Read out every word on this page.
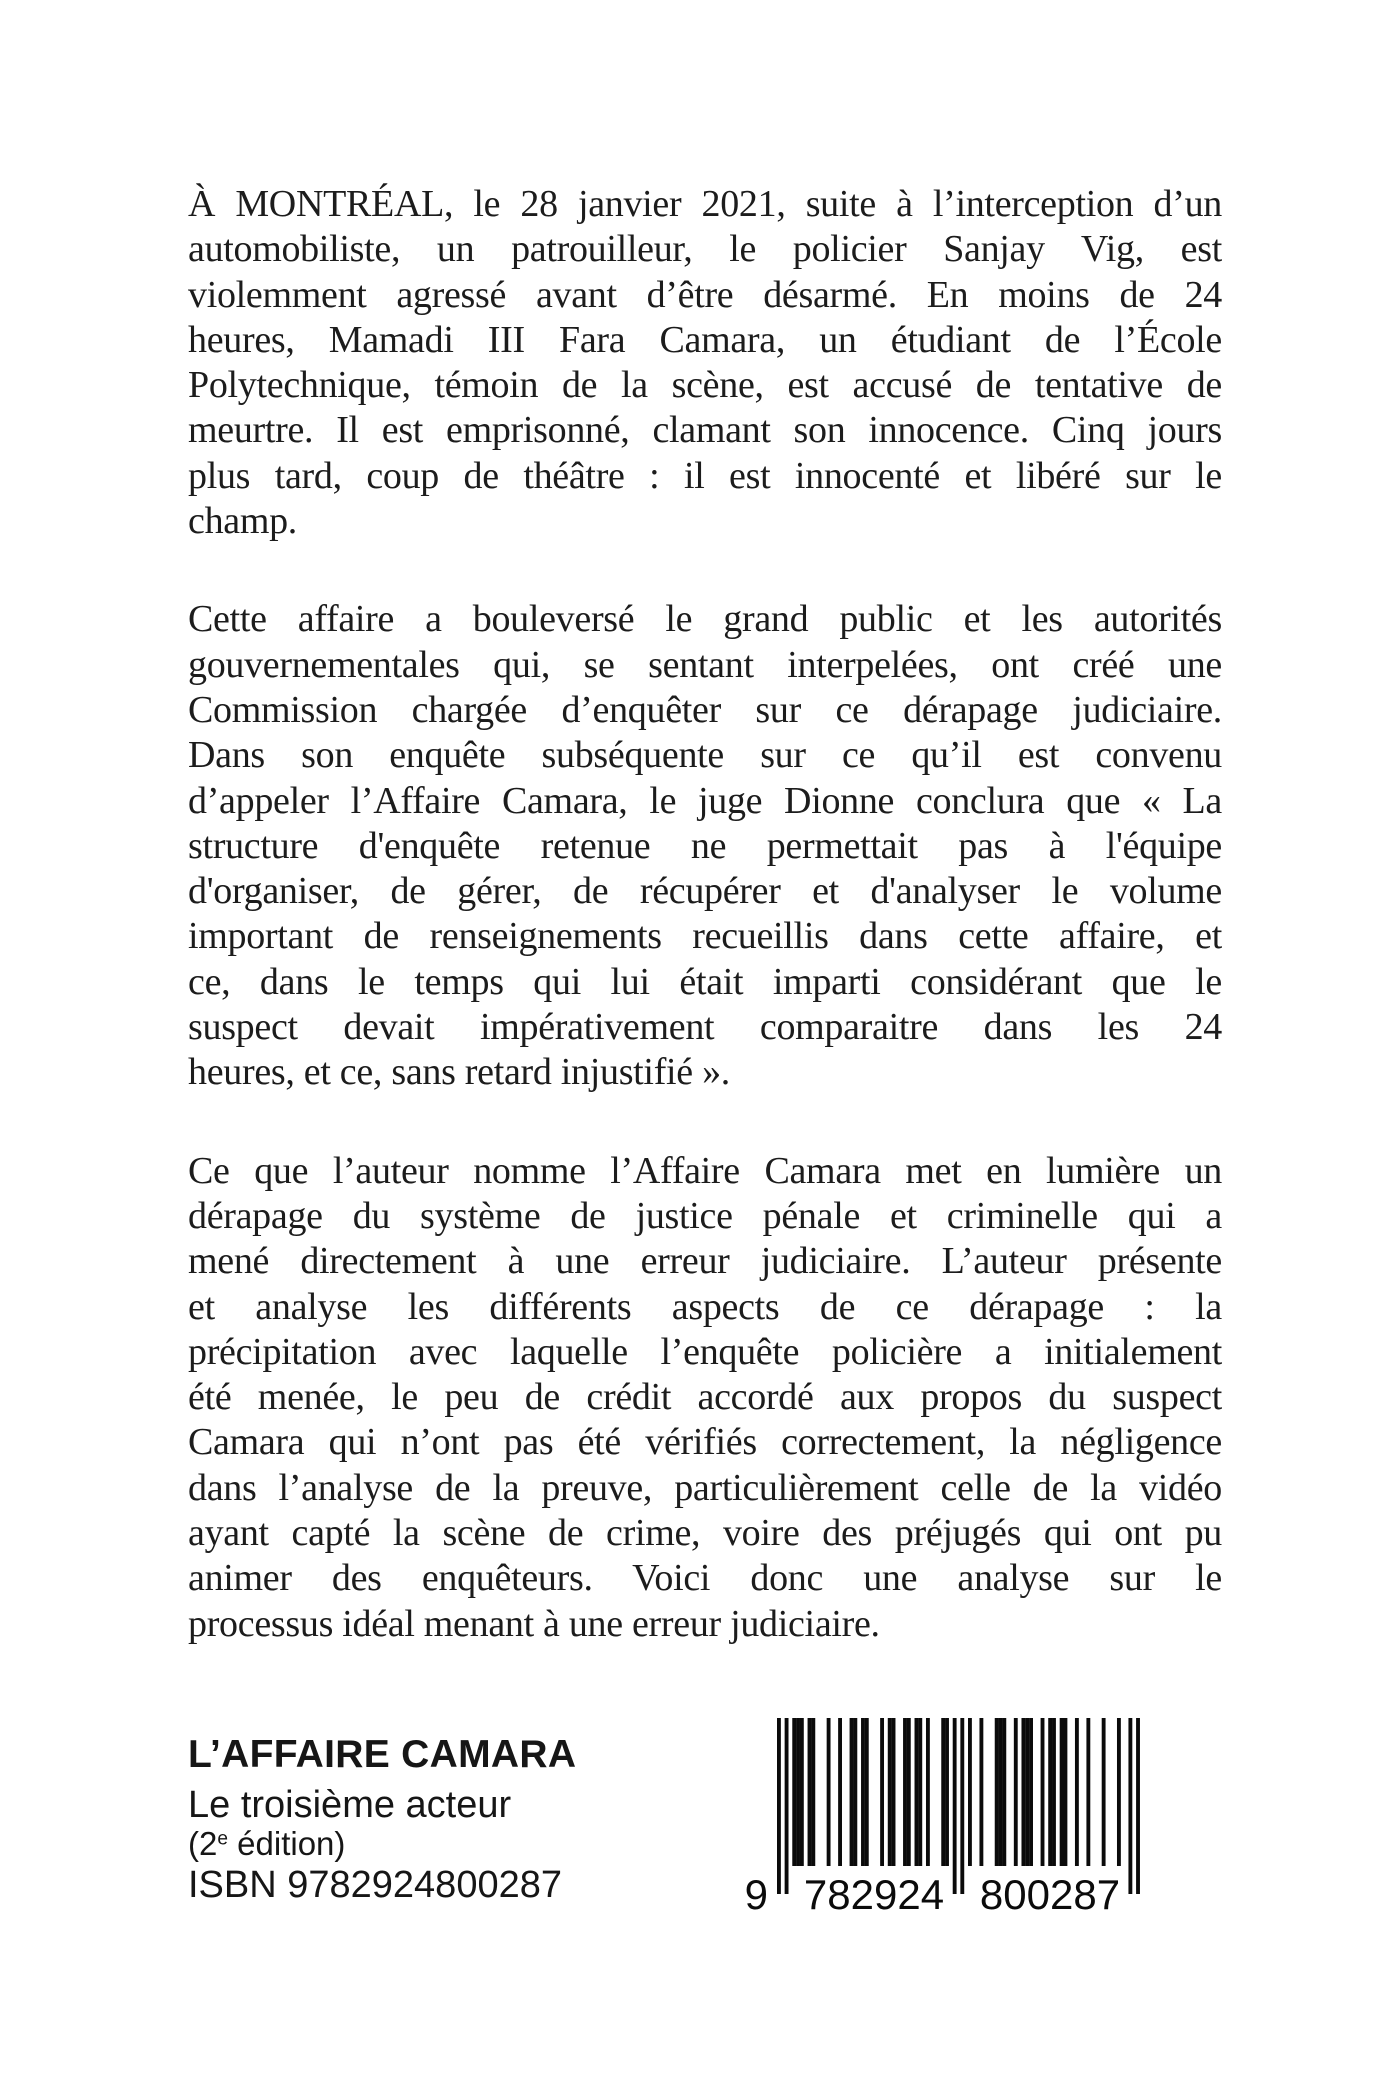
À MONTRÉAL, le 28 janvier 2021, suite à l’interception d’un
automobiliste, un patrouilleur, le policier Sanjay Vig, est
violemment agressé avant d’être désarmé. En moins de 24
heures, Mamadi III Fara Camara, un étudiant de l’École
Polytechnique, témoin de la scène, est accusé de tentative de
meurtre. Il est emprisonné, clamant son innocence. Cinq jours
plus tard, coup de théâtre : il est innocenté et libéré sur le
champ.
Cette affaire a bouleversé le grand public et les autorités
gouvernementales qui, se sentant interpelées, ont créé une
Commission chargée d’enquêter sur ce dérapage judiciaire.
Dans son enquête subséquente sur ce qu’il est convenu
d’appeler l’Affaire Camara, le juge Dionne conclura que « La
structure d'enquête retenue ne permettait pas à l'équipe
d'organiser, de gérer, de récupérer et d'analyser le volume
important de renseignements recueillis dans cette affaire, et
ce, dans le temps qui lui était imparti considérant que le
suspect devait impérativement comparaitre dans les 24
heures, et ce, sans retard injustifié ».
Ce que l’auteur nomme l’Affaire Camara met en lumière un
dérapage du système de justice pénale et criminelle qui a
mené directement à une erreur judiciaire. L’auteur présente
et analyse les différents aspects de ce dérapage : la
précipitation avec laquelle l’enquête policière a initialement
été menée, le peu de crédit accordé aux propos du suspect
Camara qui n’ont pas été vérifiés correctement, la négligence
dans l’analyse de la preuve, particulièrement celle de la vidéo
ayant capté la scène de crime, voire des préjugés qui ont pu
animer des enquêteurs. Voici donc une analyse sur le
processus idéal menant à une erreur judiciaire.
L’AFFAIRE CAMARA
Le troisième acteur
(2e édition)
ISBN 9782924800287	9 782924 800287
